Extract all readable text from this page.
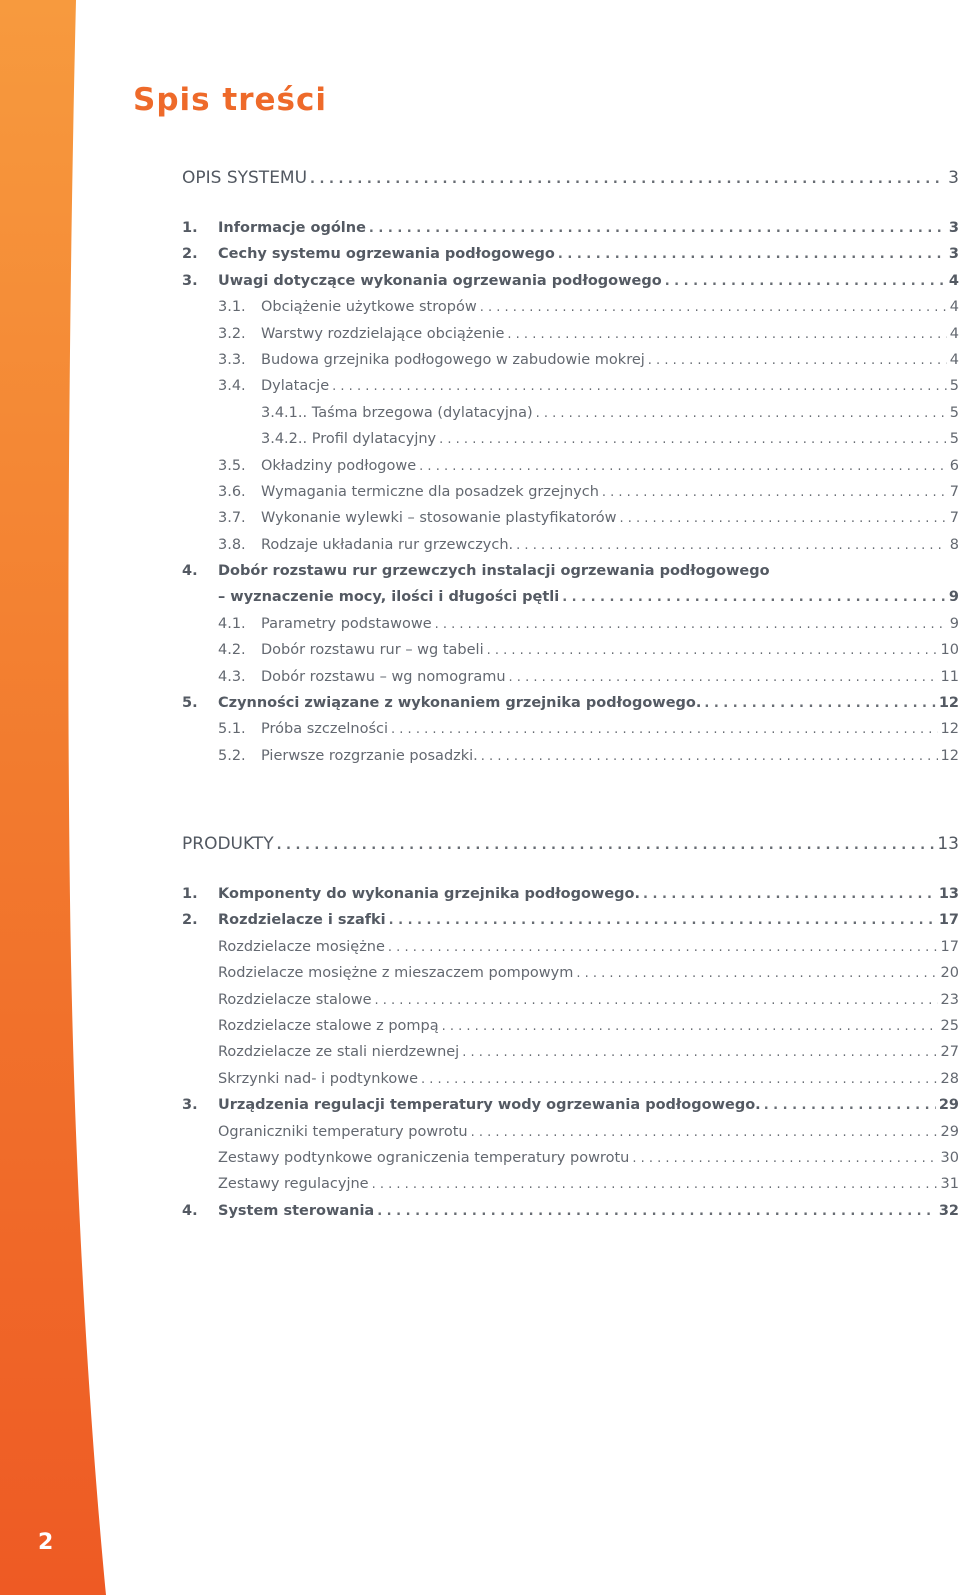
2
Spis treści
OPIS SYSTEMU . . .	3
1.	Informacje ogólne . . .	3
2.	Cechy systemu ogrzewania podłogowego . . .	3
3.	Uwagi dotyczące wykonania ogrzewania podłogowego . . .	4
3.1.	Obciążenie użytkowe stropów . . .	4
3.2.	Warstwy rozdzielające obciążenie . . .	4
3.3.	Budowa grzejnika podłogowego w zabudowie mokrej . . .	4
3.4.	Dylatacje . . .	5
3.4.1. . Taśma brzegowa (dylatacyjna) . . .	5
3.4.2. . Profil dylatacyjny . . .	5
3.5.	Okładziny podłogowe . . .	6
3.6.	Wymagania termiczne dla posadzek grzejnych . . .	7
3.7.	Wykonanie wylewki – stosowanie plastyfikatorów . . .	7
3.8.	Rodzaje układania rur grzewczych. . . .	8
4.	Dobór rozstawu rur grzewczych instalacji ogrzewania podłogowego
– wyznaczenie mocy, ilości i długości pętli . . .	9
4.1.	Parametry podstawowe . . .	9
4.2.	Dobór rozstawu rur – wg tabeli . . .	10
4.3.	Dobór rozstawu – wg nomogramu . . .	11
5.	Czynności związane z wykonaniem grzejnika podłogowego. . . .	12
5.1.	Próba szczelności . . .	12
5.2.	Pierwsze rozgrzanie posadzki. . . .	12
PRODUKTY . . .	13
1.	Komponenty do wykonania grzejnika podłogowego. . . .	13
2.	Rozdzielacze i szafki . . .	17
Rozdzielacze mosiężne . . .	17
Rodzielacze mosiężne z mieszaczem pompowym . . .	20
Rozdzielacze stalowe . . .	23
Rozdzielacze stalowe z pompą . . .	25
Rozdzielacze ze stali nierdzewnej . . .	27
Skrzynki nad- i podtynkowe . . .	28
3.	Urządzenia regulacji temperatury wody ogrzewania podłogowego. . . .	29
Ograniczniki temperatury powrotu . . .	29
Zestawy podtynkowe ograniczenia temperatury powrotu . . .	30
Zestawy regulacyjne . . .	31
4.	System sterowania . . .	32
